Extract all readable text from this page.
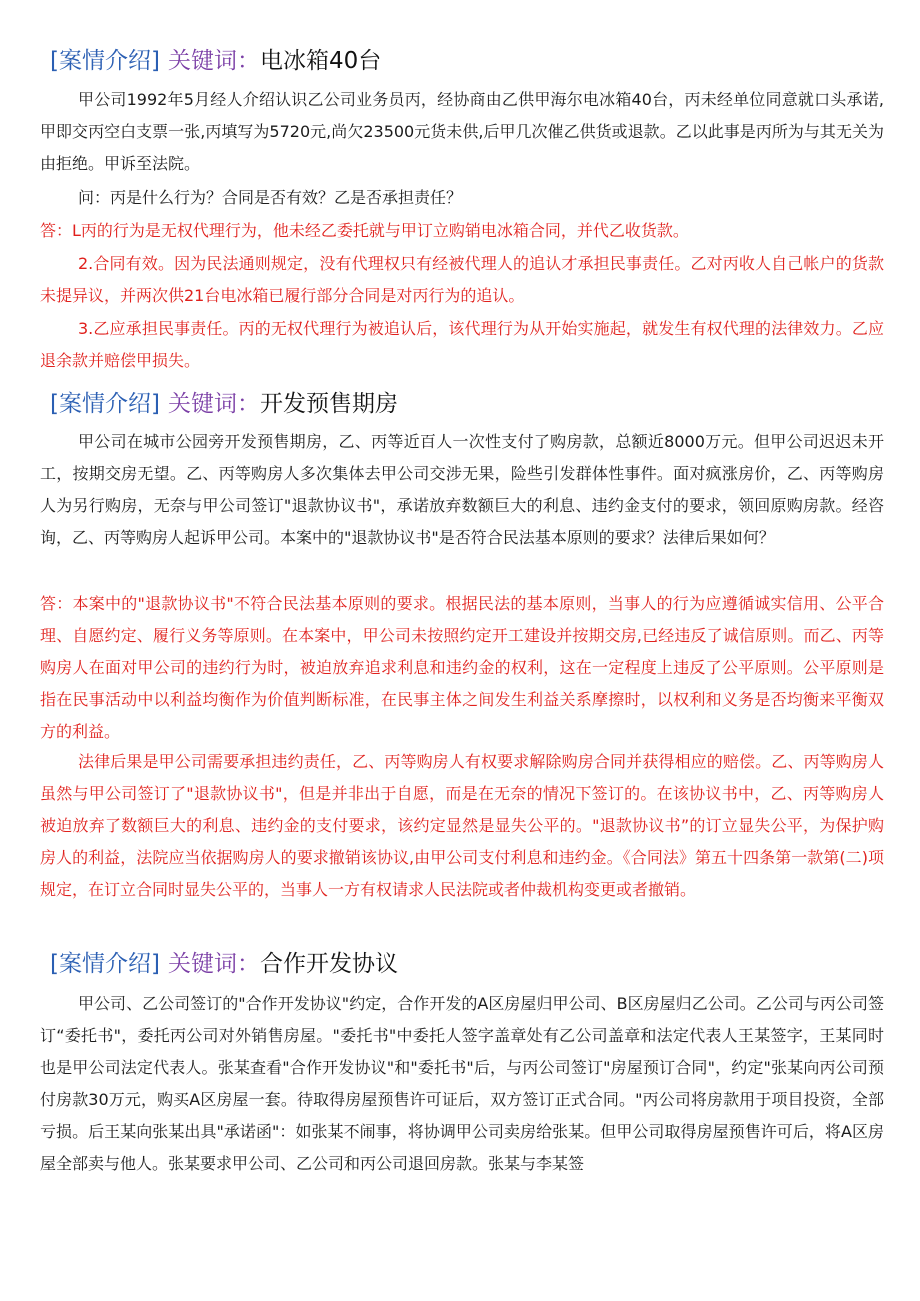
[案情介绍] 关键词：电冰箱40台

甲公司1992年5月经人介绍认识乙公司业务员丙，经协商由乙供甲海尔电冰箱40台，丙未经单位同意就口头承诺,甲即交丙空白支票一张,丙填写为5720元,尚欠23500元货未供,后甲几次催乙供货或退款。乙以此事是丙所为与其无关为由拒绝。甲诉至法院。

问：丙是什么行为？合同是否有效？乙是否承担责任？

答：L丙的行为是无权代理行为，他未经乙委托就与甲订立购销电冰箱合同，并代乙收货款。

2.合同有效。因为民法通则规定，没有代理权只有经被代理人的追认才承担民事责任。乙对丙收人自己帐户的货款未提异议，并两次供21台电冰箱已履行部分合同是对丙行为的追认。

3.乙应承担民事责任。丙的无权代理行为被追认后，该代理行为从开始实施起，就发生有权代理的法律效力。乙应退余款并赔偿甲损失。

[案情介绍] 关键词：开发预售期房

甲公司在城市公园旁开发预售期房，乙、丙等近百人一次性支付了购房款，总额近8000万元。但甲公司迟迟未开工，按期交房无望。乙、丙等购房人多次集体去甲公司交涉无果，险些引发群体性事件。面对疯涨房价，乙、丙等购房人为另行购房，无奈与甲公司签订"退款协议书"，承诺放弃数额巨大的利息、违约金支付的要求，领回原购房款。经咨询，乙、丙等购房人起诉甲公司。本案中的"退款协议书"是否符合民法基本原则的要求？法律后果如何？

答：本案中的"退款协议书"不符合民法基本原则的要求。根据民法的基本原则，当事人的行为应遵循诚实信用、公平合理、自愿约定、履行义务等原则。在本案中，甲公司未按照约定开工建设并按期交房,已经违反了诚信原则。而乙、丙等购房人在面对甲公司的违约行为时，被迫放弃追求利息和违约金的权利，这在一定程度上违反了公平原则。公平原则是指在民事活动中以利益均衡作为价值判断标准，在民事主体之间发生利益关系摩擦时，以权利和义务是否均衡来平衡双方的利益。

法律后果是甲公司需要承担违约责任，乙、丙等购房人有权要求解除购房合同并获得相应的赔偿。乙、丙等购房人虽然与甲公司签订了"退款协议书"，但是并非出于自愿，而是在无奈的情况下签订的。在该协议书中，乙、丙等购房人被迫放弃了数额巨大的利息、违约金的支付要求，该约定显然是显失公平的。"退款协议书”的订立显失公平，为保护购房人的利益，法院应当依据购房人的要求撤销该协议,由甲公司支付利息和违约金。《合同法》第五十四条第一款第(二)项规定，在订立合同时显失公平的，当事人一方有权请求人民法院或者仲裁机构变更或者撤销。

[案情介绍] 关键词：合作开发协议

甲公司、乙公司签订的"合作开发协议"约定，合作开发的A区房屋归甲公司、B区房屋归乙公司。乙公司与丙公司签订“委托书"，委托丙公司对外销售房屋。"委托书"中委托人签字盖章处有乙公司盖章和法定代表人王某签字，王某同时也是甲公司法定代表人。张某查看"合作开发协议"和"委托书"后，与丙公司签订"房屋预订合同"，约定"张某向丙公司预付房款30万元，购买A区房屋一套。待取得房屋预售许可证后，双方签订正式合同。"丙公司将房款用于项目投资，全部亏损。后王某向张某出具"承诺函"：如张某不闹事，将协调甲公司卖房给张某。但甲公司取得房屋预售许可后，将A区房屋全部卖与他人。张某要求甲公司、乙公司和丙公司退回房款。张某与李某签
